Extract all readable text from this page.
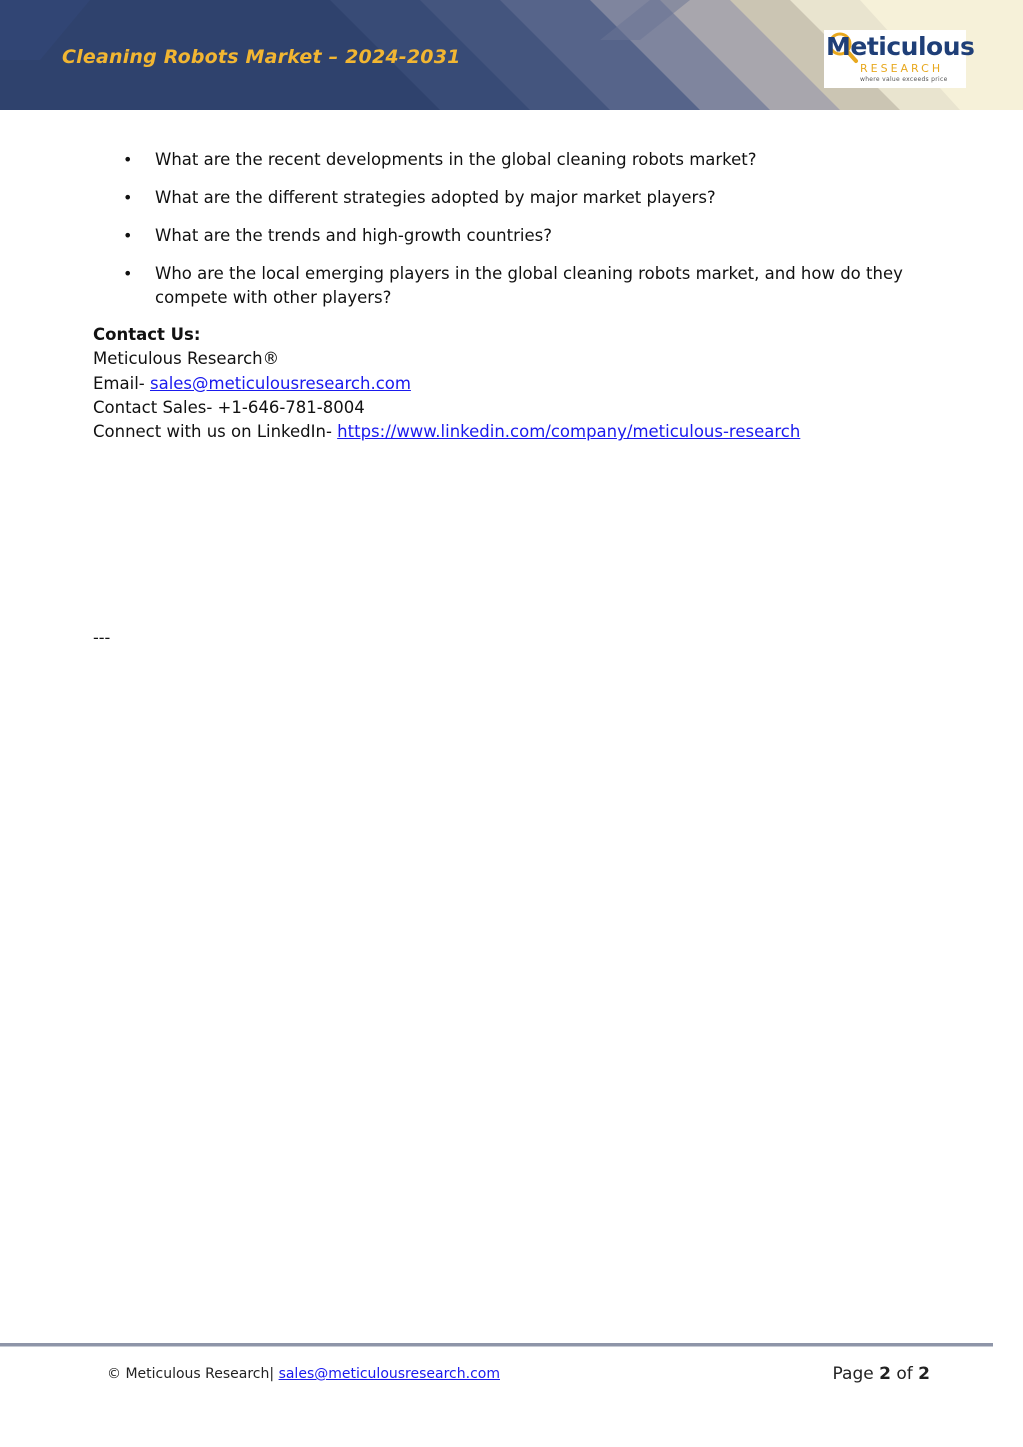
Cleaning Robots Market – 2024-2031	Meticulous
RESEARCH
where value exceeds price
• What are the recent developments in the global cleaning robots market?
• What are the different strategies adopted by major market players?
• What are the trends and high-growth countries?
• Who are the local emerging players in the global cleaning robots market, and how do they compete with other players?
Contact Us:
Meticulous Research®
Email- sales@meticulousresearch.com
Contact Sales- +1-646-781-8004
Connect with us on LinkedIn- https://www.linkedin.com/company/meticulous-research
---
© Meticulous Research| sales@meticulousresearch.com	Page 2 of 2
